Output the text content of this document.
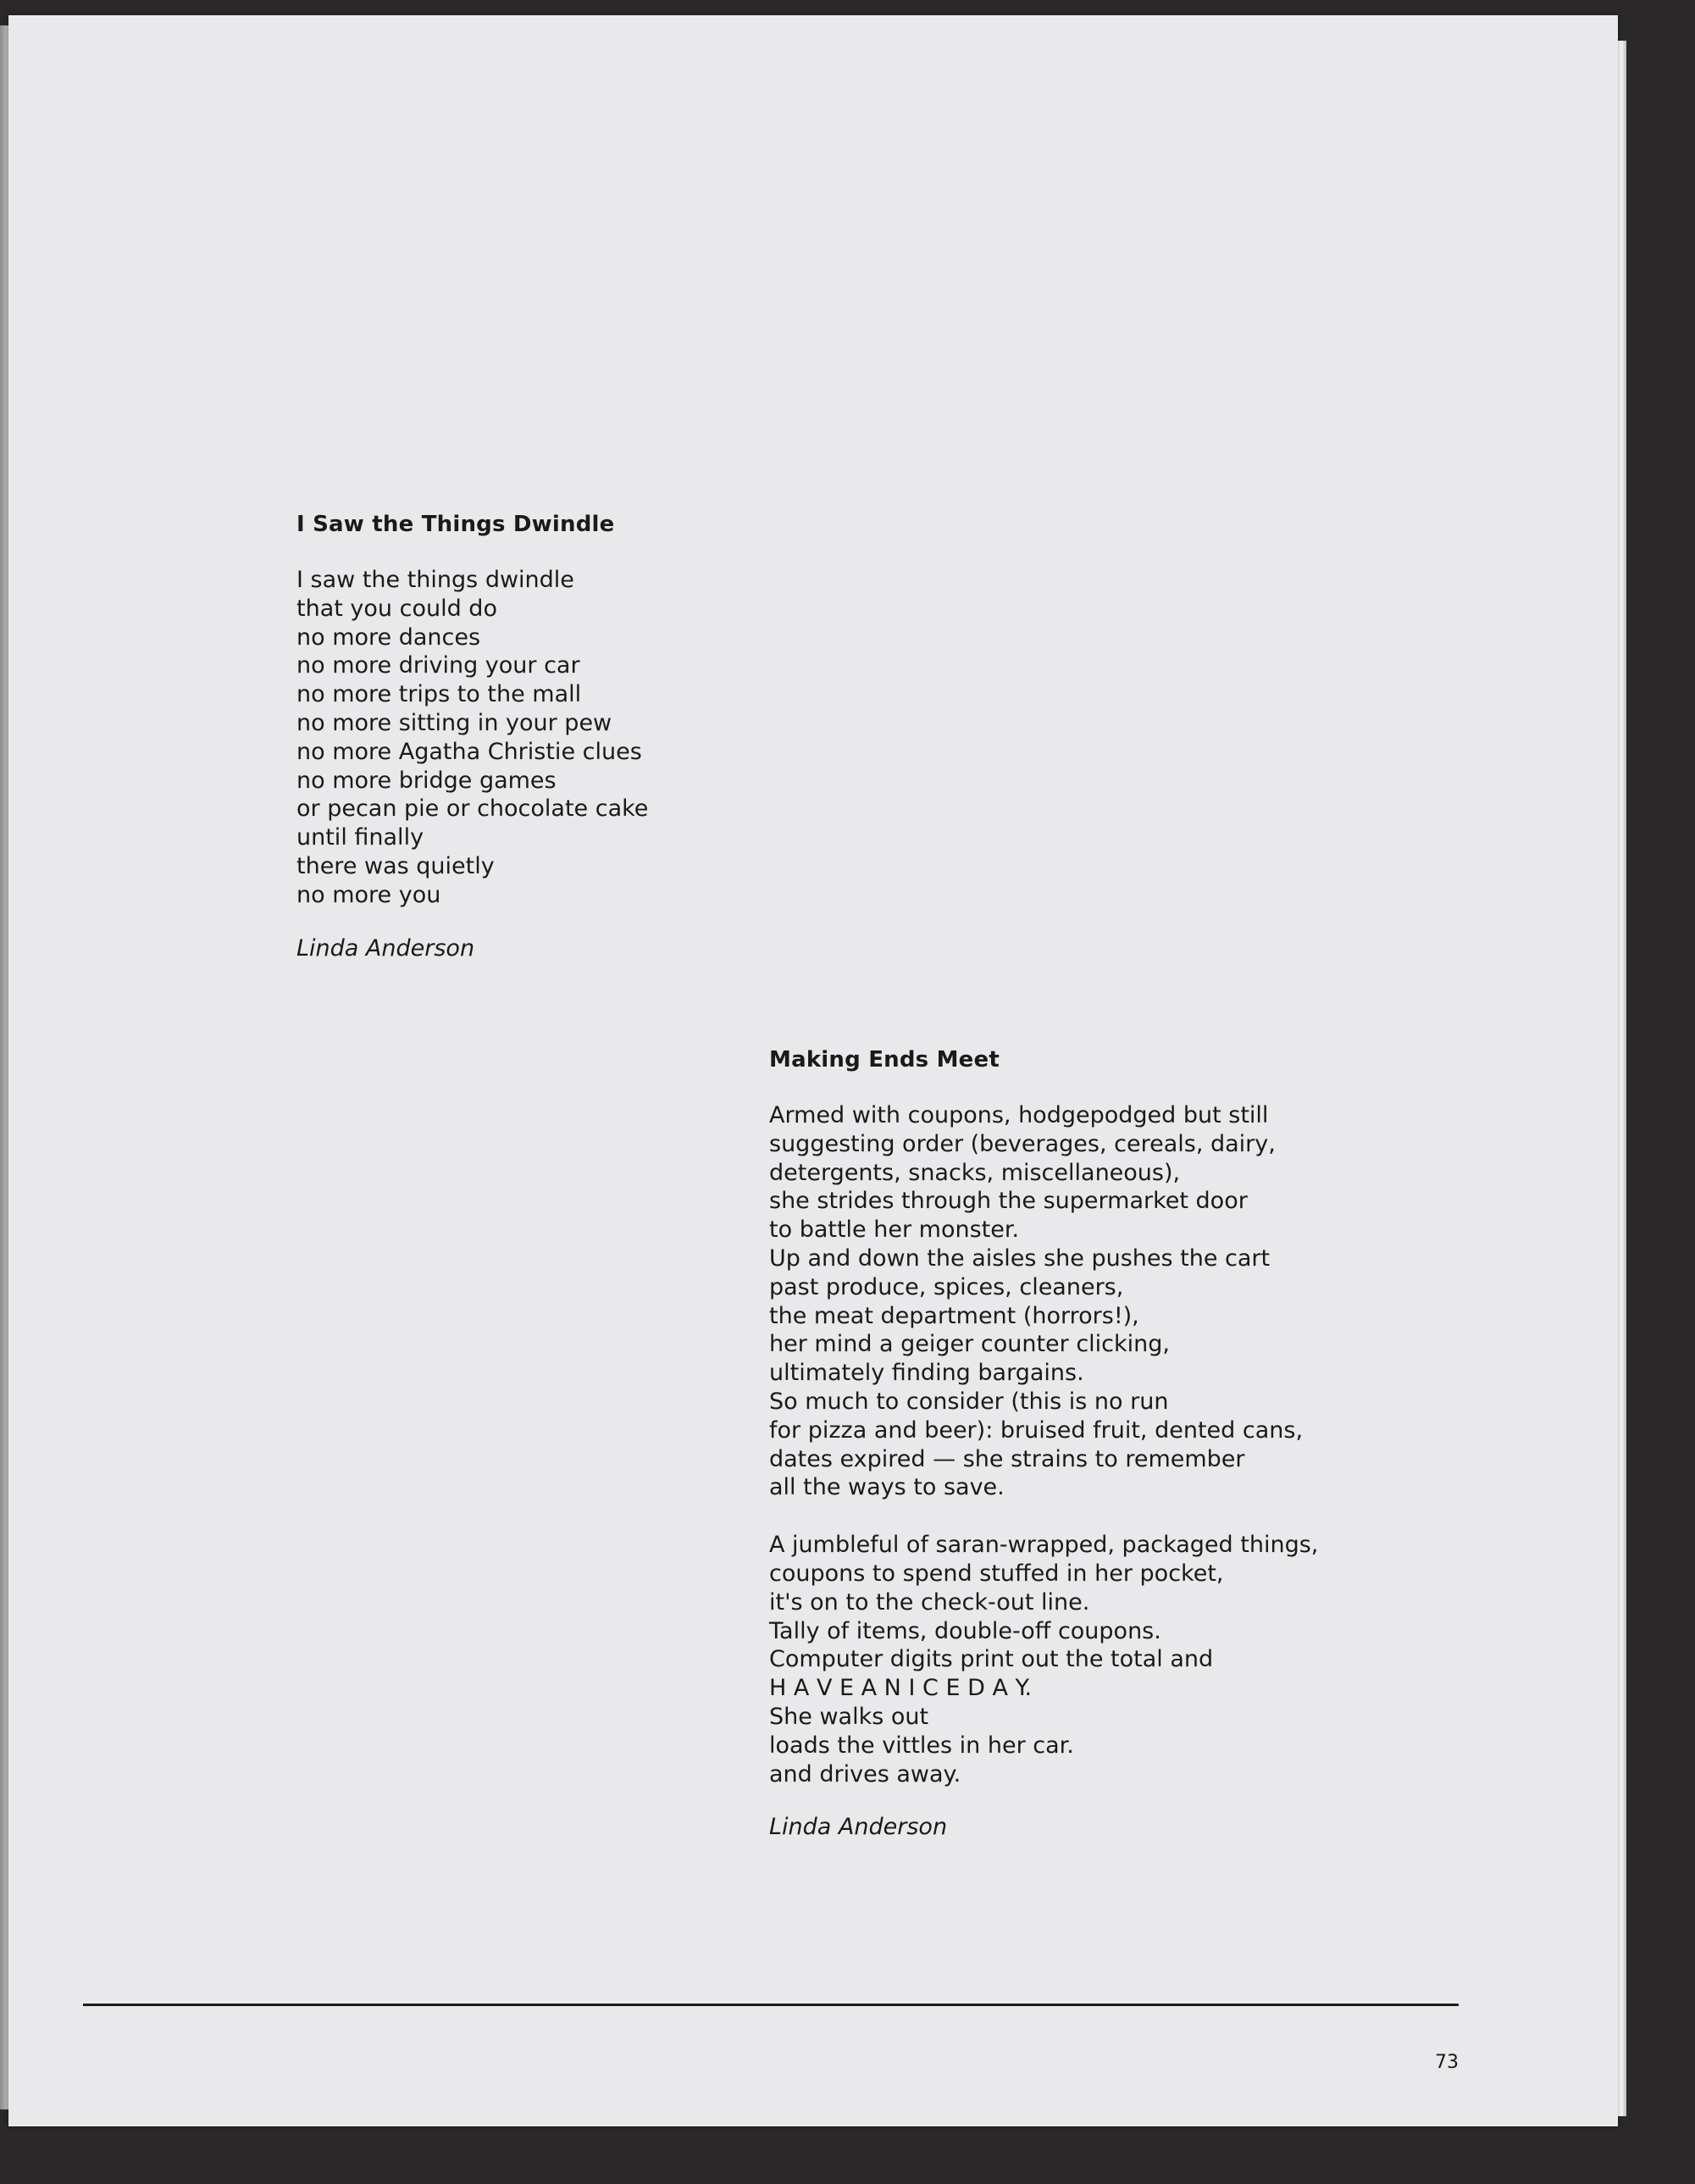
I Saw the Things Dwindle
I saw the things dwindle
that you could do
no more dances
no more driving your car
no more trips to the mall
no more sitting in your pew
no more Agatha Christie clues
no more bridge games
or pecan pie or chocolate cake
until finally
there was quietly
no more you
Linda Anderson
Making Ends Meet
Armed with coupons, hodgepodged but still
suggesting order (beverages, cereals, dairy,
detergents, snacks, miscellaneous),
she strides through the supermarket door
to battle her monster.
Up and down the aisles she pushes the cart
past produce, spices, cleaners,
the meat department (horrors!),
her mind a geiger counter clicking,
ultimately finding bargains.
So much to consider (this is no run
for pizza and beer): bruised fruit, dented cans,
dates expired — she strains to remember
all the ways to save.
A jumbleful of saran-wrapped, packaged things,
coupons to spend stuffed in her pocket,
it's on to the check-out line.
Tally of items, double-off coupons.
Computer digits print out the total and
H A V E A N I C E D A Y.
She walks out
loads the vittles in her car.
and drives away.
Linda Anderson
73
